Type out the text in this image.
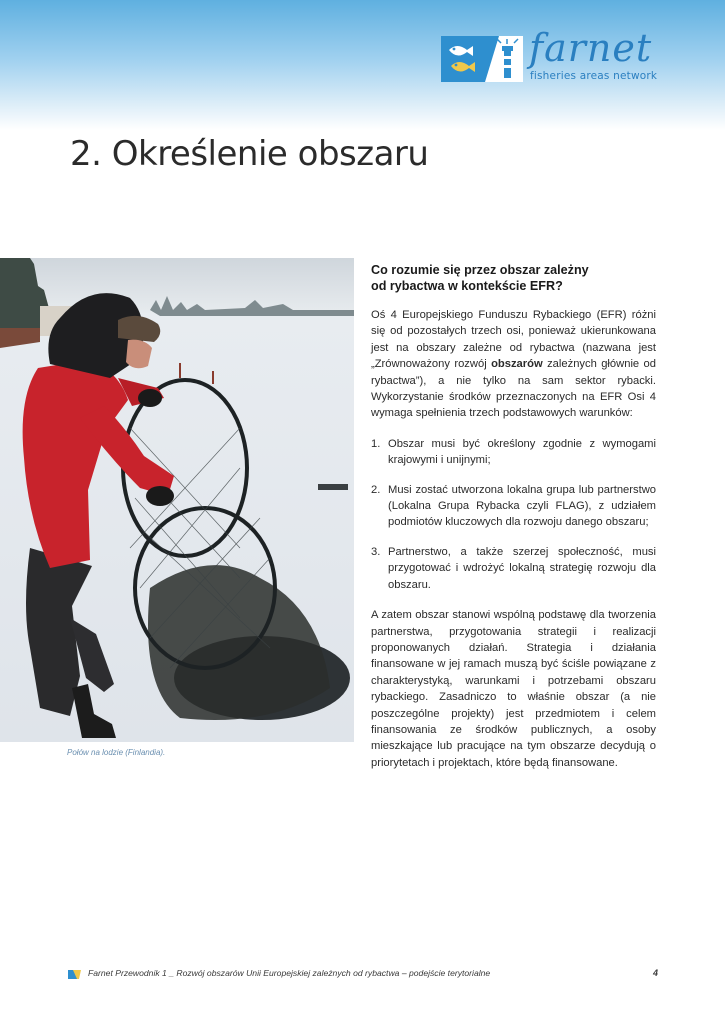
farnet
fisheries areas network
2. Określenie obszaru
Połów na lodzie (Finlandia).
Co rozumie się przez obszar zależny
od rybactwa w kontekście EFR?

Oś 4 Europejskiego Funduszu Rybackiego (EFR) różni się od pozostałych trzech osi, ponieważ ukierunkowana jest na obszary zależne od rybactwa (nazwana jest „Zrównoważony rozwój obszarów zależnych głównie od rybactwa”), a nie tylko na sam sektor rybacki. Wykorzystanie środków przeznaczonych na EFR Osi 4 wymaga spełnienia trzech podstawowych warunków:

1. Obszar musi być określony zgodnie z wymogami krajowymi i unijnymi;
2. Musi zostać utworzona lokalna grupa lub partnerstwo (Lokalna Grupa Rybacka czyli FLAG), z udziałem podmiotów kluczowych dla rozwoju danego obszaru;
3. Partnerstwo, a także szerzej społeczność, musi przygotować i wdrożyć lokalną strategię rozwoju dla obszaru.

A zatem obszar stanowi wspólną podstawę dla tworzenia partnerstwa, przygotowania strategii i realizacji proponowanych działań. Strategia i działania finansowane w jej ramach muszą być ściśle powiązane z charakterystyką, warunkami i potrzebami obszaru rybackiego. Zasadniczo to właśnie obszar (a nie poszczególne projekty) jest przedmiotem i celem finansowania ze środków publicznych, a osoby mieszkające lub pracujące na tym obszarze decydują o priorytetach i projektach, które będą finansowane.

Farnet Przewodnik 1 _ Rozwój obszarów Unii Europejskiej zależnych od rybactwa – podejście terytorialne	4
